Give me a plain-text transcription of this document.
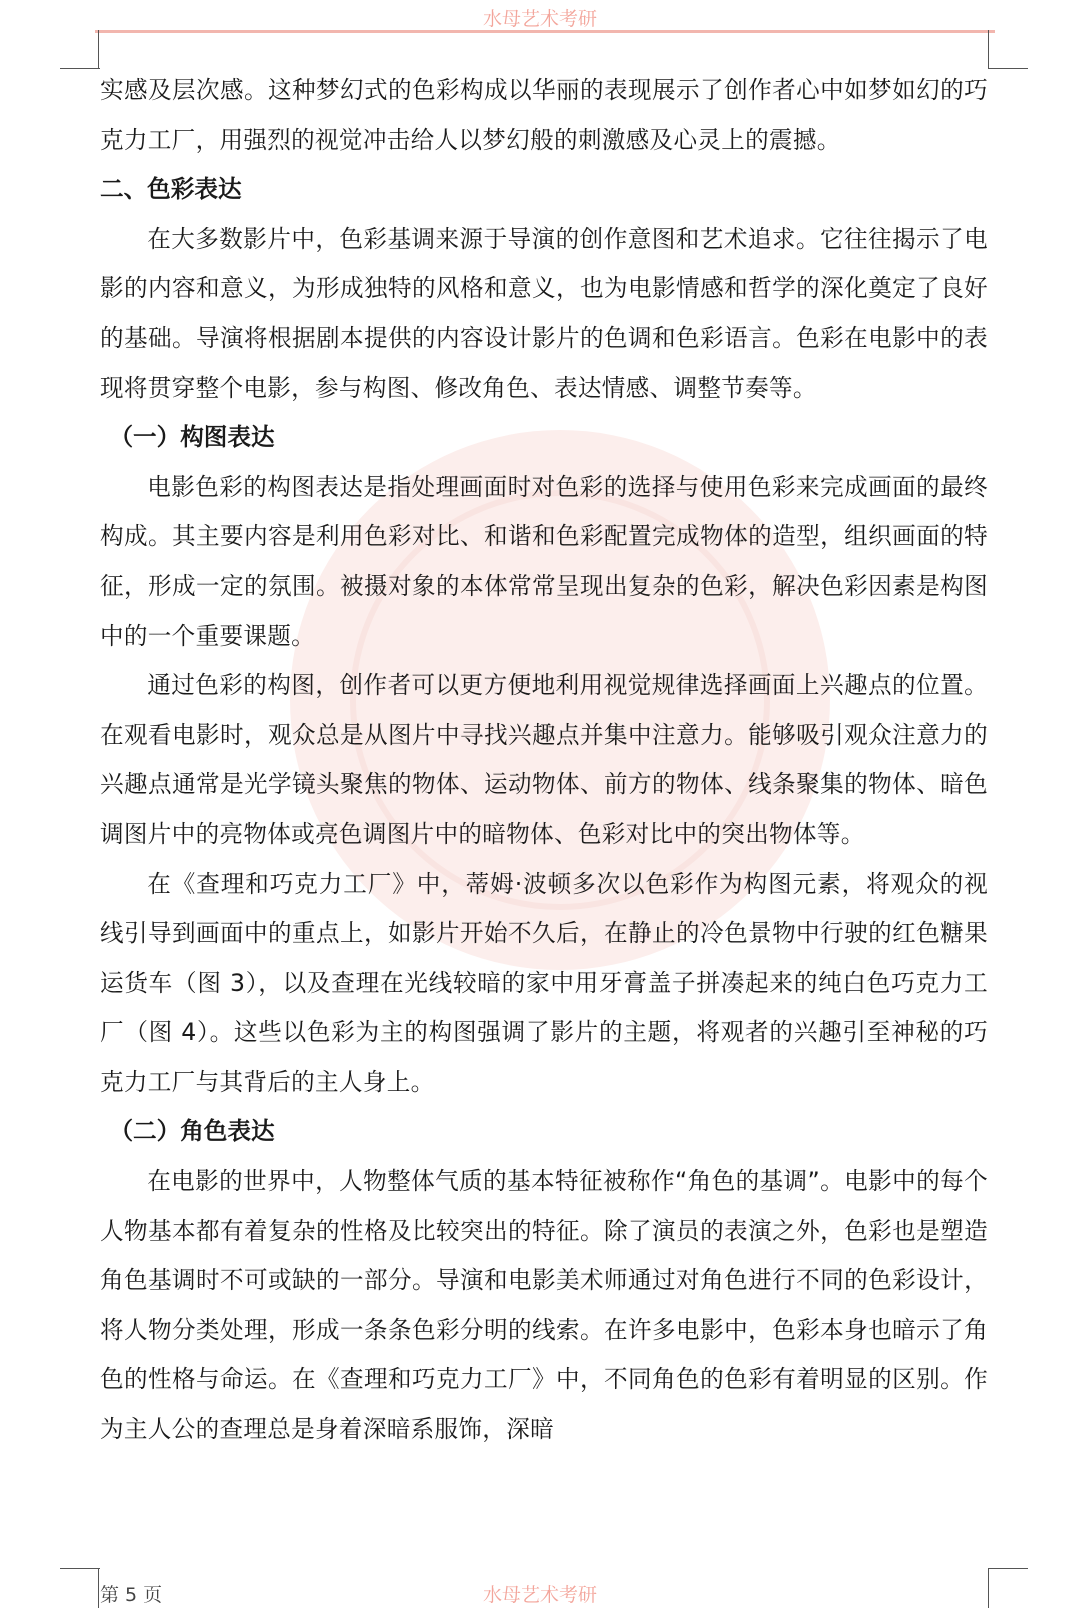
水母艺术考研

实感及层次感。这种梦幻式的色彩构成以华丽的表现展示了创作者心中如梦如幻的巧克力工厂，用强烈的视觉冲击给人以梦幻般的刺激感及心灵上的震撼。

二、色彩表达

在大多数影片中，色彩基调来源于导演的创作意图和艺术追求。它往往揭示了电影的内容和意义，为形成独特的风格和意义，也为电影情感和哲学的深化奠定了良好的基础。导演将根据剧本提供的内容设计影片的色调和色彩语言。色彩在电影中的表现将贯穿整个电影，参与构图、修改角色、表达情感、调整节奏等。

（一）构图表达

电影色彩的构图表达是指处理画面时对色彩的选择与使用色彩来完成画面的最终构成。其主要内容是利用色彩对比、和谐和色彩配置完成物体的造型，组织画面的特征，形成一定的氛围。被摄对象的本体常常呈现出复杂的色彩，解决色彩因素是构图中的一个重要课题。

通过色彩的构图，创作者可以更方便地利用视觉规律选择画面上兴趣点的位置。在观看电影时，观众总是从图片中寻找兴趣点并集中注意力。能够吸引观众注意力的兴趣点通常是光学镜头聚焦的物体、运动物体、前方的物体、线条聚集的物体、暗色调图片中的亮物体或亮色调图片中的暗物体、色彩对比中的突出物体等。

在《查理和巧克力工厂》中，蒂姆·波顿多次以色彩作为构图元素，将观众的视线引导到画面中的重点上，如影片开始不久后，在静止的冷色景物中行驶的红色糖果运货车（图 3），以及查理在光线较暗的家中用牙膏盖子拼凑起来的纯白色巧克力工厂（图 4）。这些以色彩为主的构图强调了影片的主题，将观者的兴趣引至神秘的巧克力工厂与其背后的主人身上。

（二）角色表达

在电影的世界中，人物整体气质的基本特征被称作“角色的基调”。电影中的每个人物基本都有着复杂的性格及比较突出的特征。除了演员的表演之外，色彩也是塑造角色基调时不可或缺的一部分。导演和电影美术师通过对角色进行不同的色彩设计，将人物分类处理，形成一条条色彩分明的线索。在许多电影中，色彩本身也暗示了角色的性格与命运。在《查理和巧克力工厂》中，不同角色的色彩有着明显的区别。作为主人公的查理总是身着深暗系服饰，深暗

第 5 页	水母艺术考研
